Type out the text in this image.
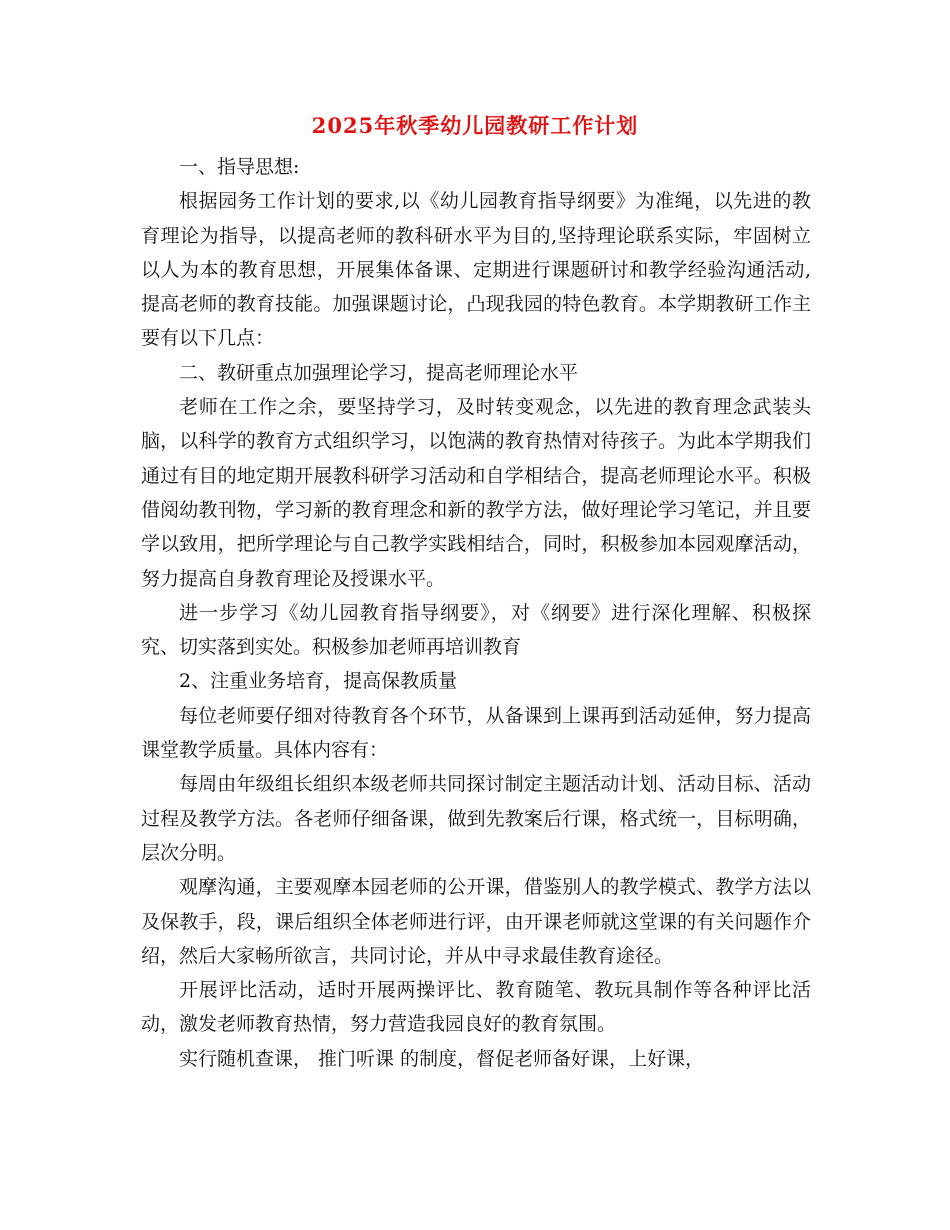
2025年秋季幼儿园教研工作计划

一、指导思想:

根据园务工作计划的要求,以《幼儿园教育指导纲要》为准绳，以先进的教育理论为指导，以提高老师的教科研水平为目的,坚持理论联系实际，牢固树立以人为本的教育思想，开展集体备课、定期进行课题研讨和教学经验沟通活动,提高老师的教育技能。加强课题讨论，凸现我园的特色教育。本学期教研工作主要有以下几点：

二、教研重点加强理论学习，提高老师理论水平

老师在工作之余，要坚持学习，及时转变观念，以先进的教育理念武装头脑，以科学的教育方式组织学习，以饱满的教育热情对待孩子。为此本学期我们通过有目的地定期开展教科研学习活动和自学相结合，提高老师理论水平。积极借阅幼教刊物，学习新的教育理念和新的教学方法，做好理论学习笔记，并且要学以致用，把所学理论与自己教学实践相结合，同时，积极参加本园观摩活动，努力提高自身教育理论及授课水平。

进一步学习《幼儿园教育指导纲要》，对《纲要》进行深化理解、积极探究、切实落到实处。积极参加老师再培训教育

2、注重业务培育，提高保教质量

每位老师要仔细对待教育各个环节，从备课到上课再到活动延伸，努力提高课堂教学质量。具体内容有：

每周由年级组长组织本级老师共同探讨制定主题活动计划、活动目标、活动过程及教学方法。各老师仔细备课，做到先教案后行课，格式统一，目标明确，层次分明。

观摩沟通，主要观摩本园老师的公开课，借鉴别人的教学模式、教学方法以及保教手，段，课后组织全体老师进行评，由开课老师就这堂课的有关问题作介绍，然后大家畅所欲言，共同讨论，并从中寻求最佳教育途径。

开展评比活动，适时开展两操评比、教育随笔、教玩具制作等各种评比活动，激发老师教育热情，努力营造我园良好的教育氛围。

实行随机查课， 推门听课 的制度，督促老师备好课，上好课，
